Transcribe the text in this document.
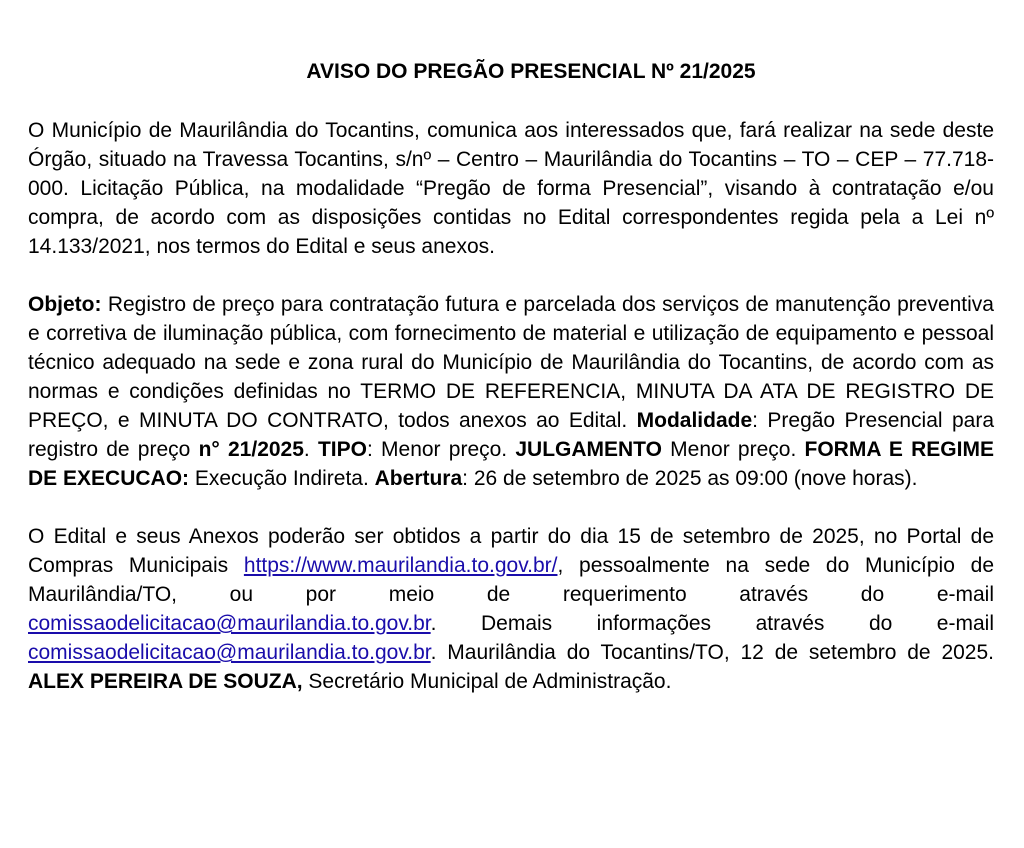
AVISO DO PREGÃO PRESENCIAL Nº 21/2025

O Município de Maurilândia do Tocantins, comunica aos interessados que, fará realizar na sede deste Órgão, situado na Travessa Tocantins, s/nº – Centro – Maurilândia do Tocantins – TO – CEP – 77.718-000. Licitação Pública, na modalidade “Pregão de forma Presencial”, visando à contratação e/ou compra, de acordo com as disposições contidas no Edital correspondentes regida pela a Lei nº 14.133/2021, nos termos do Edital e seus anexos.

Objeto: Registro de preço para contratação futura e parcelada dos serviços de manutenção preventiva e corretiva de iluminação pública, com fornecimento de material e utilização de equipamento e pessoal técnico adequado na sede e zona rural do Município de Maurilândia do Tocantins, de acordo com as normas e condições definidas no TERMO DE REFERENCIA, MINUTA DA ATA DE REGISTRO DE PREÇO, e MINUTA DO CONTRATO, todos anexos ao Edital. Modalidade: Pregão Presencial para registro de preço n° 21/2025. TIPO: Menor preço. JULGAMENTO Menor preço. FORMA E REGIME DE EXECUCAO: Execução Indireta. Abertura: 26 de setembro de 2025 as 09:00 (nove horas).

O Edital e seus Anexos poderão ser obtidos a partir do dia 15 de setembro de 2025, no Portal de Compras Municipais https://www.maurilandia.to.gov.br/, pessoalmente na sede do Município de Maurilândia/TO, ou por meio de requerimento através do e-mail comissaodelicitacao@maurilandia.to.gov.br. Demais informações através do e-mail comissaodelicitacao@maurilandia.to.gov.br. Maurilândia do Tocantins/TO, 12 de setembro de 2025. ALEX PEREIRA DE SOUZA, Secretário Municipal de Administração.
